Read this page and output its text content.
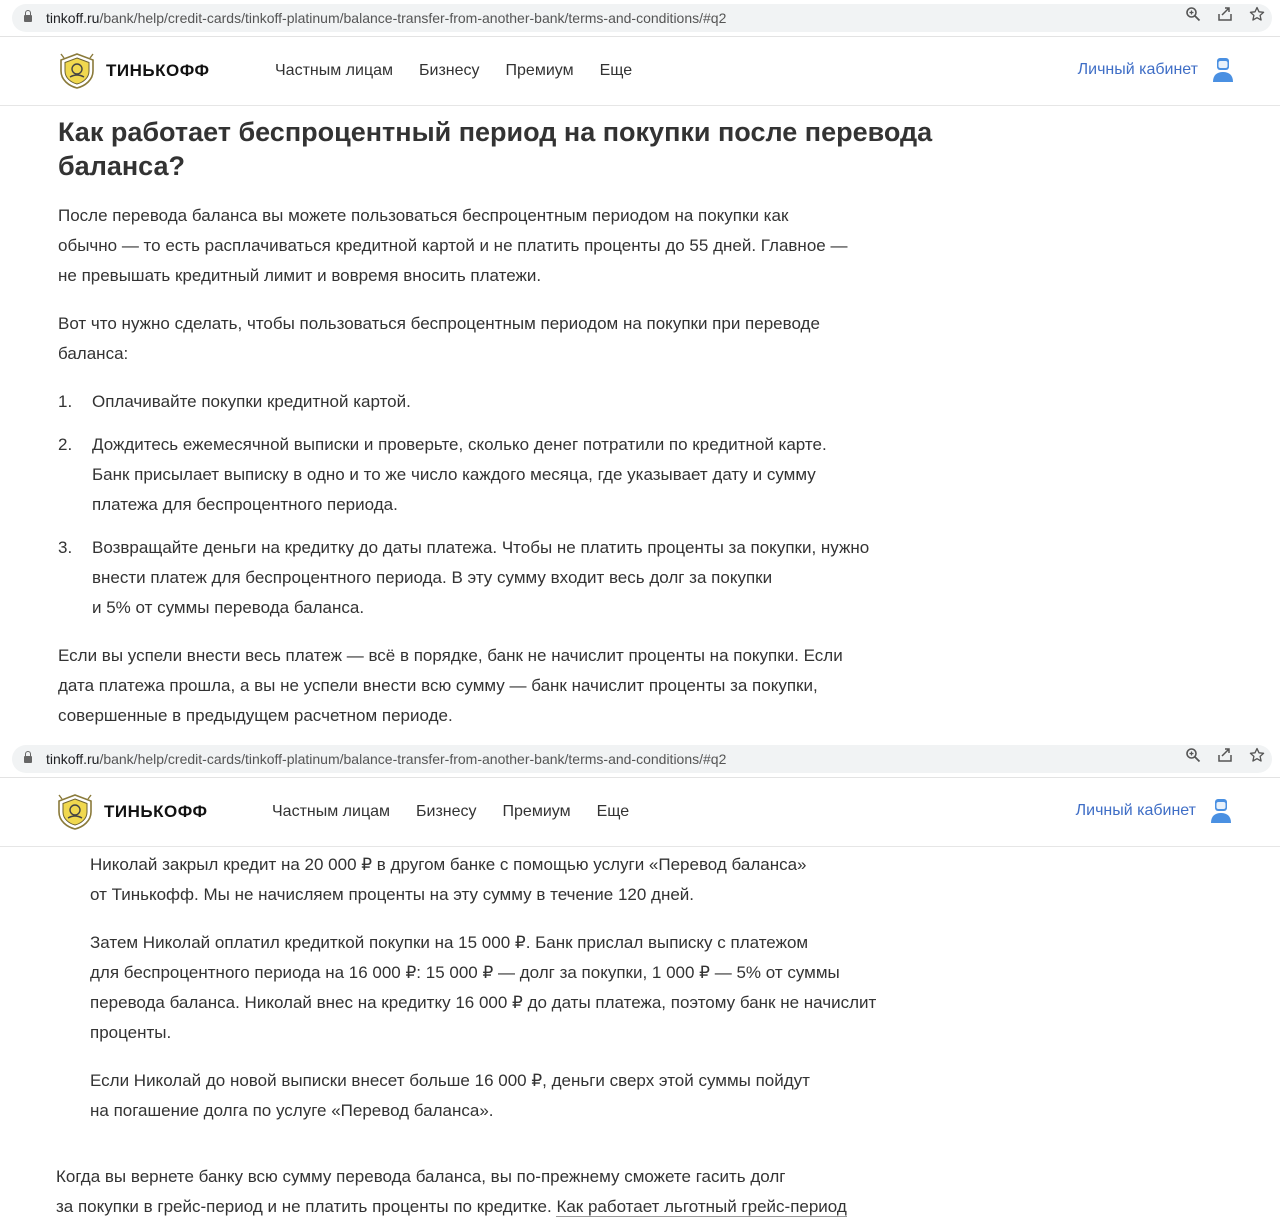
tinkoff.ru/bank/help/credit-cards/tinkoff-platinum/balance-transfer-from-another-bank/terms-and-conditions/#q2
ТИНЬКОФФ	Частным лицам Бизнесу Премиум Еще	Личный кабинет
Как работает беспроцентный период на покупки после перевода баланса?

После перевода баланса вы можете пользоваться беспроцентным периодом на покупки как

обычно — то есть расплачиваться кредитной картой и не платить проценты до 55 дней. Главное —

не превышать кредитный лимит и вовремя вносить платежи.

Вот что нужно сделать, чтобы пользоваться беспроцентным периодом на покупки при переводе

баланса:

1. Оплачивайте покупки кредитной картой.
2. Дождитесь ежемесячной выписки и проверьте, сколько денег потратили по кредитной карте.
Банк присылает выписку в одно и то же число каждого месяца, где указывает дату и сумму
платежа для беспроцентного периода.
3. Возвращайте деньги на кредитку до даты платежа. Чтобы не платить проценты за покупки, нужно
внести платеж для беспроцентного периода. В эту сумму входит весь долг за покупки
и 5% от суммы перевода баланса.

Если вы успели внести весь платеж — всё в порядке, банк не начислит проценты на покупки. Если

дата платежа прошла, а вы не успели внести всю сумму — банк начислит проценты за покупки,

совершенные в предыдущем расчетном периоде.

tinkoff.ru/bank/help/credit-cards/tinkoff-platinum/balance-transfer-from-another-bank/terms-and-conditions/#q2
ТИНЬКОФФ	Частным лицам Бизнесу Премиум Еще	Личный кабинет

Николай закрыл кредит на 20 000 ₽ в другом банке с помощью услуги «Перевод баланса»

от Тинькофф. Мы не начисляем проценты на эту сумму в течение 120 дней.

Затем Николай оплатил кредиткой покупки на 15 000 ₽. Банк прислал выписку с платежом

для беспроцентного периода на 16 000 ₽: 15 000 ₽ — долг за покупки, 1 000 ₽ — 5% от суммы

перевода баланса. Николай внес на кредитку 16 000 ₽ до даты платежа, поэтому банк не начислит

проценты.

Если Николай до новой выписки внесет больше 16 000 ₽, деньги сверх этой суммы пойдут

на погашение долга по услуге «Перевод баланса».

Когда вы вернете банку всю сумму перевода баланса, вы по-прежнему сможете гасить долг

за покупки в грейс-период и не платить проценты по кредитке. Как работает льготный грейс-период
